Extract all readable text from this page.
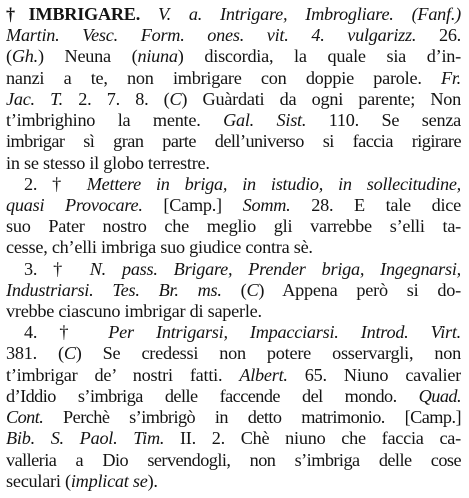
†IMBRIGARE. V. a. Intrigare, Imbrogliare. (Fanf.)
Martin. Vesc. Form. ones. vit. 4. vulgarizz. 26.
(Gh.) Neuna (niuna) discordia, la quale sia d’in-
nanzi a te, non imbrigare con doppie parole. Fr.
Jac. T. 2. 7. 8. (C) Guàrdati da ogni parente; Non
t’imbrighino la mente. Gal. Sist. 110. Se senza
imbrigar sì gran parte dell’universo si faccia rigirare
in se stesso il globo terrestre.
2. † Mettere in briga, in istudio, in sollecitudine,
quasi Provocare. [Camp.] Somm. 28. E tale dice
suo Pater nostro che meglio gli varrebbe s’elli ta-
cesse, ch’elli imbriga suo giudice contra sè.
3. † N. pass. Brigare, Prender briga, Ingegnarsi,
Industriarsi. Tes. Br. ms. (C) Appena però si do-
vrebbe ciascuno imbrigar di saperle.
4. † Per Intrigarsi, Impacciarsi. Introd. Virt.
381. (C) Se credessi non potere osservargli, non
t’imbrigar de’ nostri fatti. Albert. 65. Niuno cavalier
d’Iddio s’imbriga delle faccende del mondo. Quad.
Cont. Perchè s’imbrigò in detto matrimonio. [Camp.]
Bib. S. Paol. Tim. II. 2. Chè niuno che faccia ca-
valleria a Dio servendogli, non s’imbriga delle cose
seculari (implicat se).
